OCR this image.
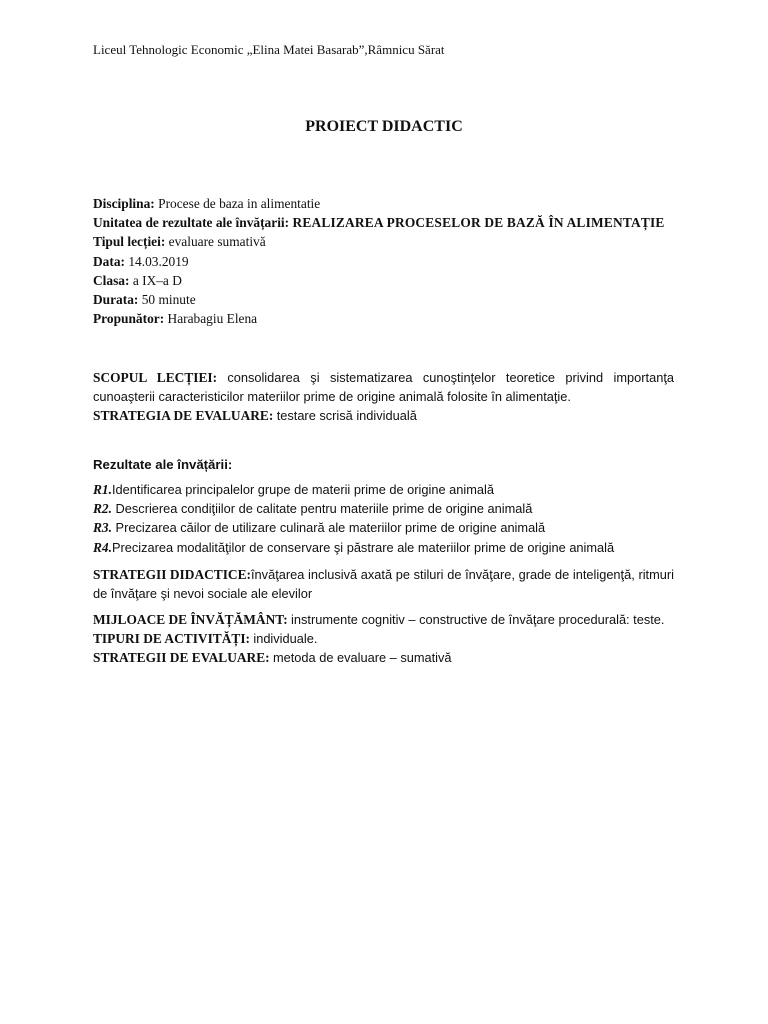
Liceul Tehnologic Economic „Elina Matei Basarab”,Râmnicu Sărat
PROIECT DIDACTIC

Disciplina: Procese de baza in alimentatie

Unitatea de rezultate ale învățarii: REALIZAREA PROCESELOR DE BAZĂ ÎN ALIMENTAȚIE

Tipul lecției: evaluare sumativă

Data: 14.03.2019

Clasa: a IX–a D

Durata: 50 minute

Propunător: Harabagiu Elena

SCOPUL LECȚIEI: consolidarea şi sistematizarea cunoştinţelor teoretice privind importanţa cunoaşterii caracteristicilor materiilor prime de origine animală folosite în alimentaţie.

STRATEGIA DE EVALUARE: testare scrisă individuală

Rezultate ale învățării:

R1.Identificarea principalelor grupe de materii prime de origine animală

R2. Descrierea condiţiilor de calitate pentru materiile prime de origine animală

R3. Precizarea căilor de utilizare culinară ale materiilor prime de origine animală

R4.Precizarea modalităţilor de conservare şi păstrare ale materiilor prime de origine animală

STRATEGII DIDACTICE:învăţarea inclusivă axată pe stiluri de învăţare, grade de inteligenţă, ritmuri de învăţare şi nevoi sociale ale elevilor

MIJLOACE DE ÎNVĂȚĂMÂNT: instrumente cognitiv – constructive de învăţare procedurală: teste.

TIPURI DE ACTIVITĂȚI: individuale.

STRATEGII DE EVALUARE: metoda de evaluare – sumativă
